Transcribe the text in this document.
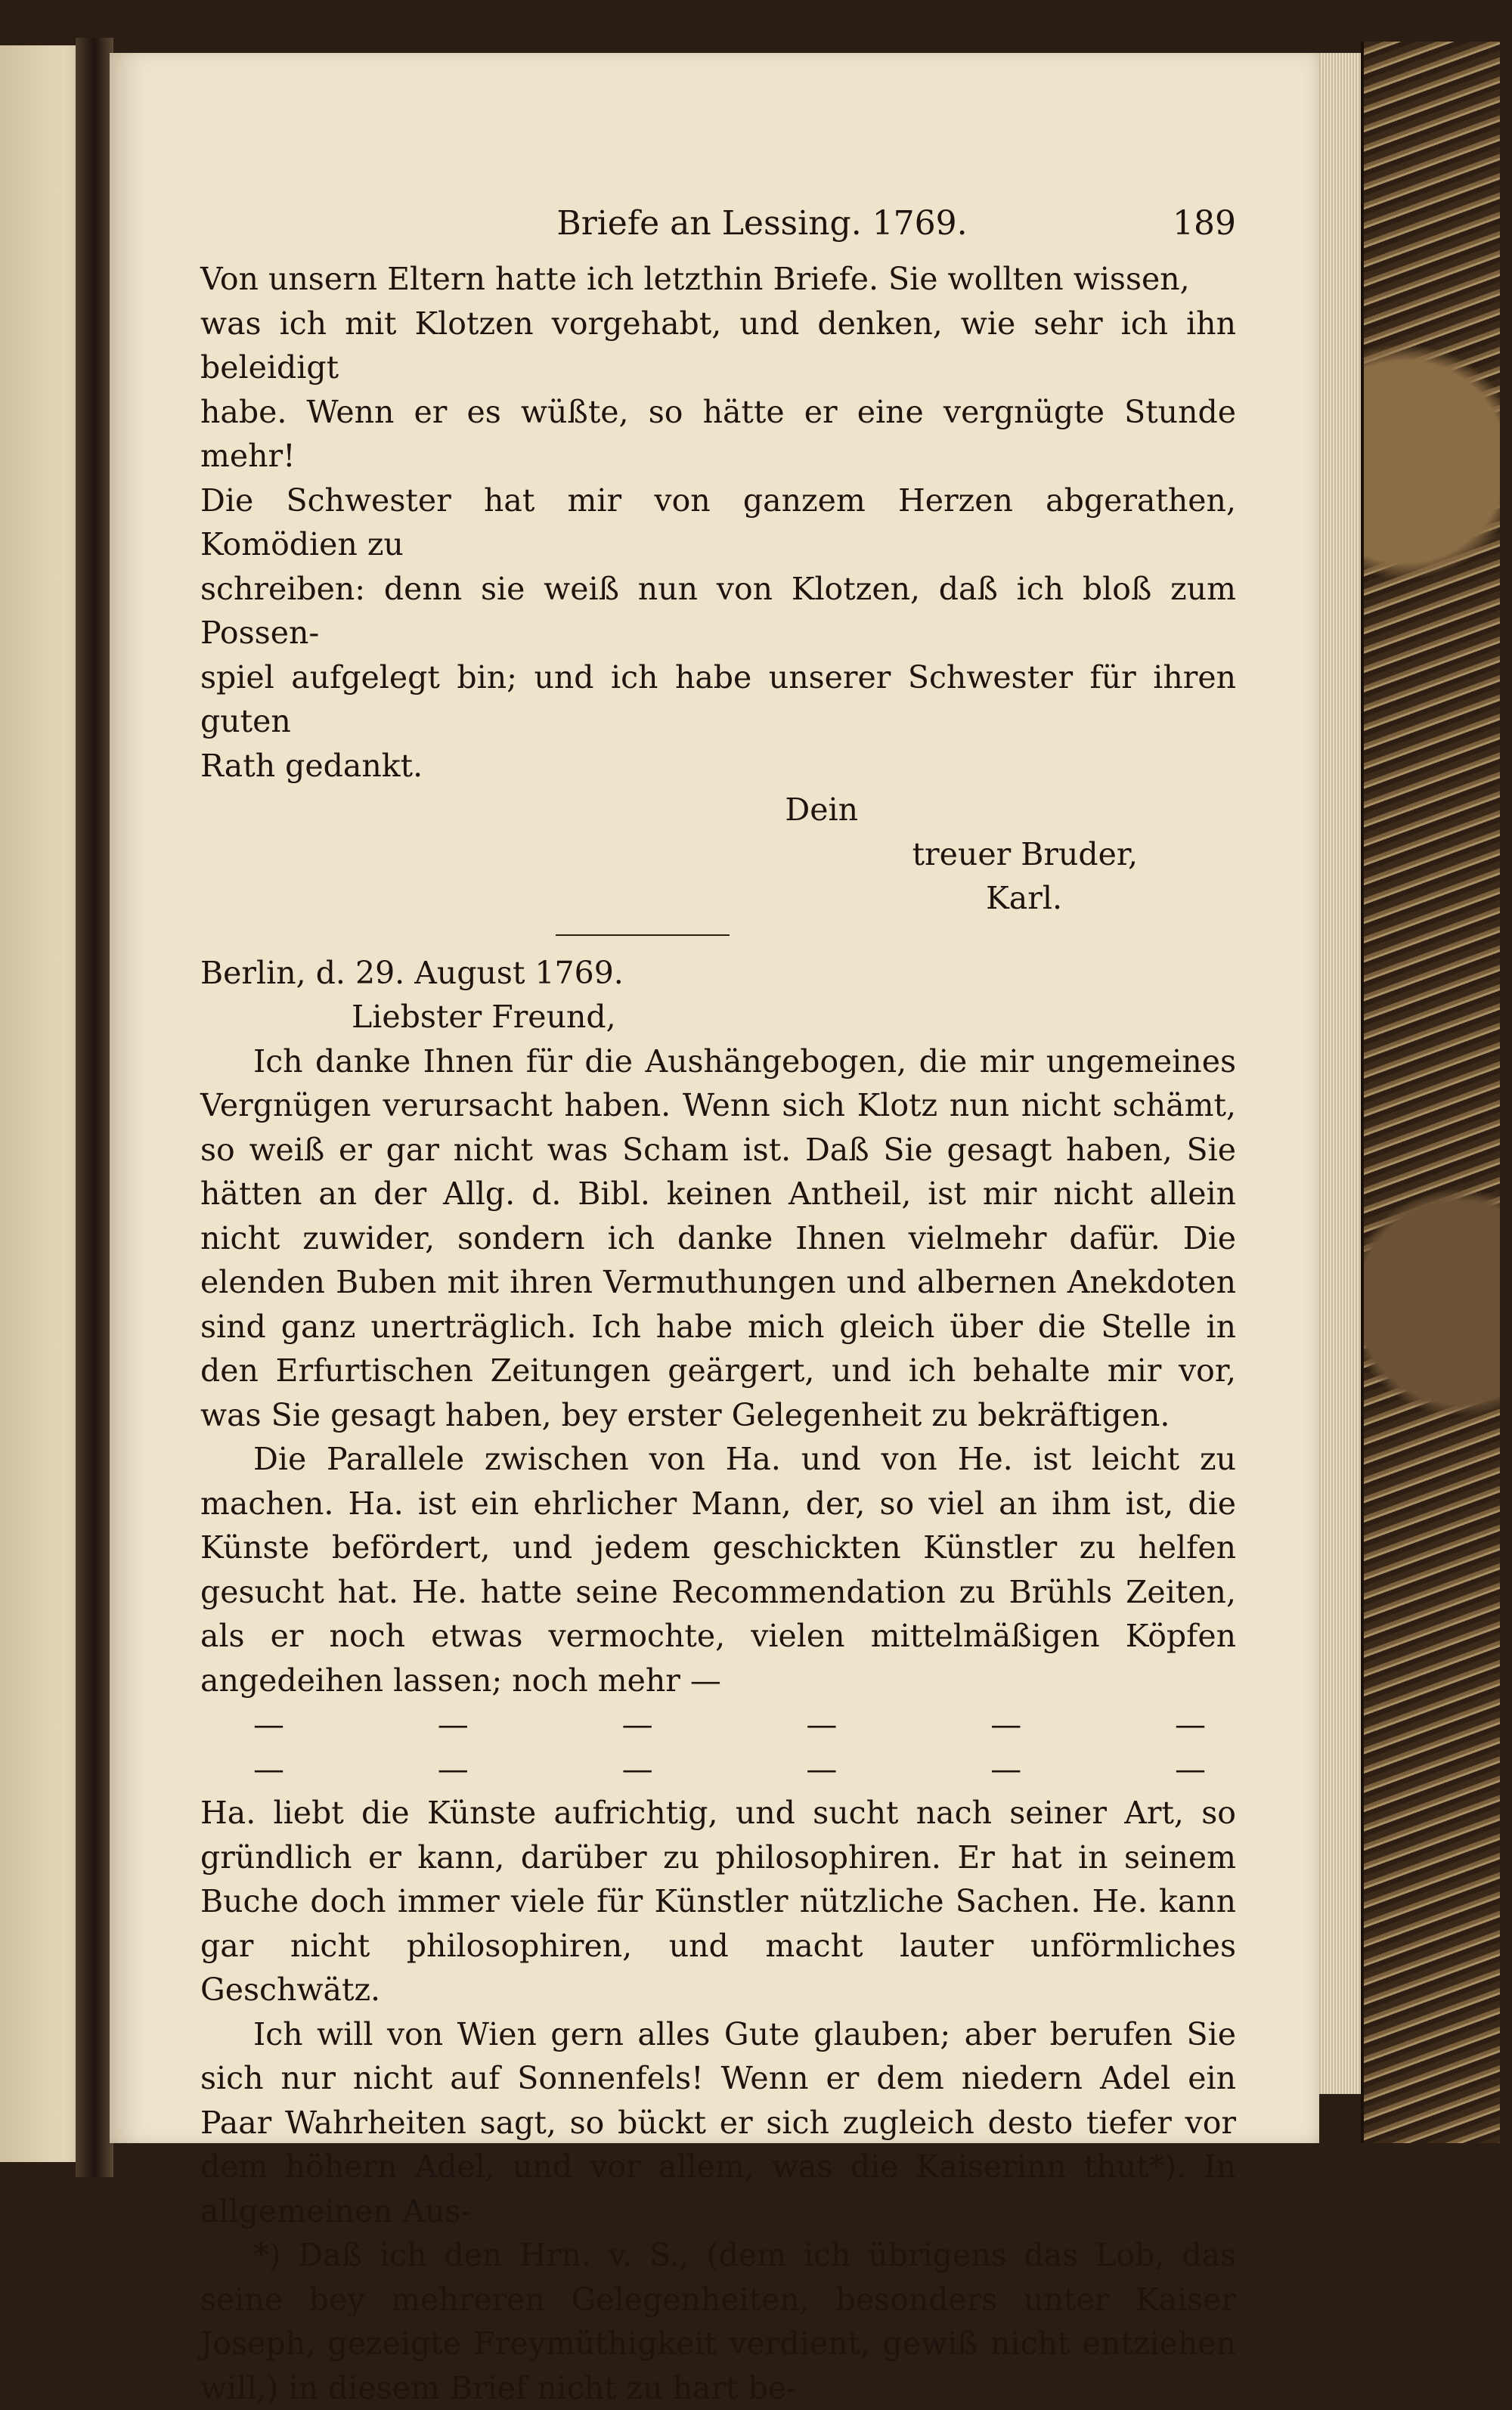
Briefe an Lessing. 1769.	189

Von unsern Eltern hatte ich letzthin Briefe. Sie wollten wissen,

was ich mit Klotzen vorgehabt, und denken, wie sehr ich ihn beleidigt

habe. Wenn er es wüßte, so hätte er eine vergnügte Stunde mehr!

Die Schwester hat mir von ganzem Herzen abgerathen, Komödien zu

schreiben: denn sie weiß nun von Klotzen, daß ich bloß zum Possen-

spiel aufgelegt bin; und ich habe unserer Schwester für ihren guten

Rath gedankt.

Dein

treuer Bruder,

Karl.

Berlin, d. 29. August 1769.

Liebster Freund,

Ich danke Ihnen für die Aushängebogen, die mir ungemeines Vergnügen verursacht haben. Wenn sich Klotz nun nicht schämt, so weiß er gar nicht was Scham ist. Daß Sie gesagt haben, Sie hätten an der Allg. d. Bibl. keinen Antheil, ist mir nicht allein nicht zuwider, sondern ich danke Ihnen vielmehr dafür. Die elenden Buben mit ihren Vermuthungen und albernen Anekdoten sind ganz unerträglich. Ich habe mich gleich über die Stelle in den Erfurtischen Zeitungen geärgert, und ich behalte mir vor, was Sie gesagt haben, bey erster Gelegenheit zu bekräftigen.

Die Parallele zwischen von Ha. und von He. ist leicht zu machen. Ha. ist ein ehrlicher Mann, der, so viel an ihm ist, die Künste befördert, und jedem geschickten Künstler zu helfen gesucht hat. He. hatte seine Recommendation zu Brühls Zeiten, als er noch etwas vermochte, vielen mittelmäßigen Köpfen angedeihen lassen; noch mehr —

—	—	—	—	—	—
—	—	—	—	—	—

Ha. liebt die Künste aufrichtig, und sucht nach seiner Art, so gründlich er kann, darüber zu philosophiren. Er hat in seinem Buche doch immer viele für Künstler nützliche Sachen. He. kann gar nicht philosophiren, und macht lauter unförmliches Geschwätz.

Ich will von Wien gern alles Gute glauben; aber berufen Sie sich nur nicht auf Sonnenfels! Wenn er dem niedern Adel ein Paar Wahrheiten sagt, so bückt er sich zugleich desto tiefer vor dem höhern Adel, und vor allem, was die Kaiserinn thut*). In allgemeinen Aus-

*) Daß ich den Hrn. v. S., (dem ich übrigens das Lob, das seine bey mehreren Gelegenheiten, besonders unter Kaiser Joseph, gezeigte Freymüthigkeit verdient, gewiß nicht entziehen will,) in diesem Brief nicht zu hart be-
